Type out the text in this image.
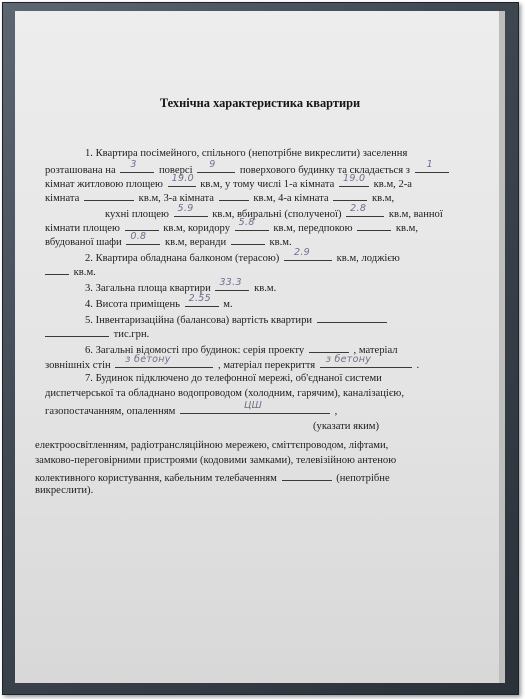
Технічна характеристика квартири
1. Квартира посімейного, спільного (непотрібне викреслити) заселення
розташована на
3
поверсі
9
поверхового будинку та складається з
1
кімнат житловою площею
19.0
кв.м, у тому числі 1-а кімната
19.0
кв.м, 2-а
кімната	кв.м, 3-а кімната	кв.м, 4-а кімната	кв.м,
кухні площею
5.9
кв.м, вбиральні (сполученої)
2.8
кв.м, ванної
кімнати площею	кв.м, коридору
5.8
кв.м, передпокою	кв.м,
вбудованої шафи
0.8
кв.м, веранди	кв.м.
2. Квартира обладнана балконом (терасою)
2.9
кв.м, лоджією
кв.м.
3. Загальна площа квартири
33.3
кв.м.
4. Висота приміщень
2.55
м.
5. Інвентаризаційна (балансова) вартість квартири
тис.грн.
6. Загальні відомості про будинок: серія проекту	, матеріал
зовнішніх стін
з бетону
, матеріал перекриття
з бетону
.
7. Будинок підключено до телефонної мережі, об'єднаної системи
диспетчерської та обладнано водопроводом (холодним, гарячим), каналізацією,
газопостачанням, опаленням
ЦШ
,
(указати яким)
електроосвітленням, радіотрансляційною мережею, сміттєпроводом, ліфтами,
замково-переговірними пристроями (кодовими замками), телевізійною антеною
колективного користування, кабельним телебаченням	(непотрібне
викреслити).
